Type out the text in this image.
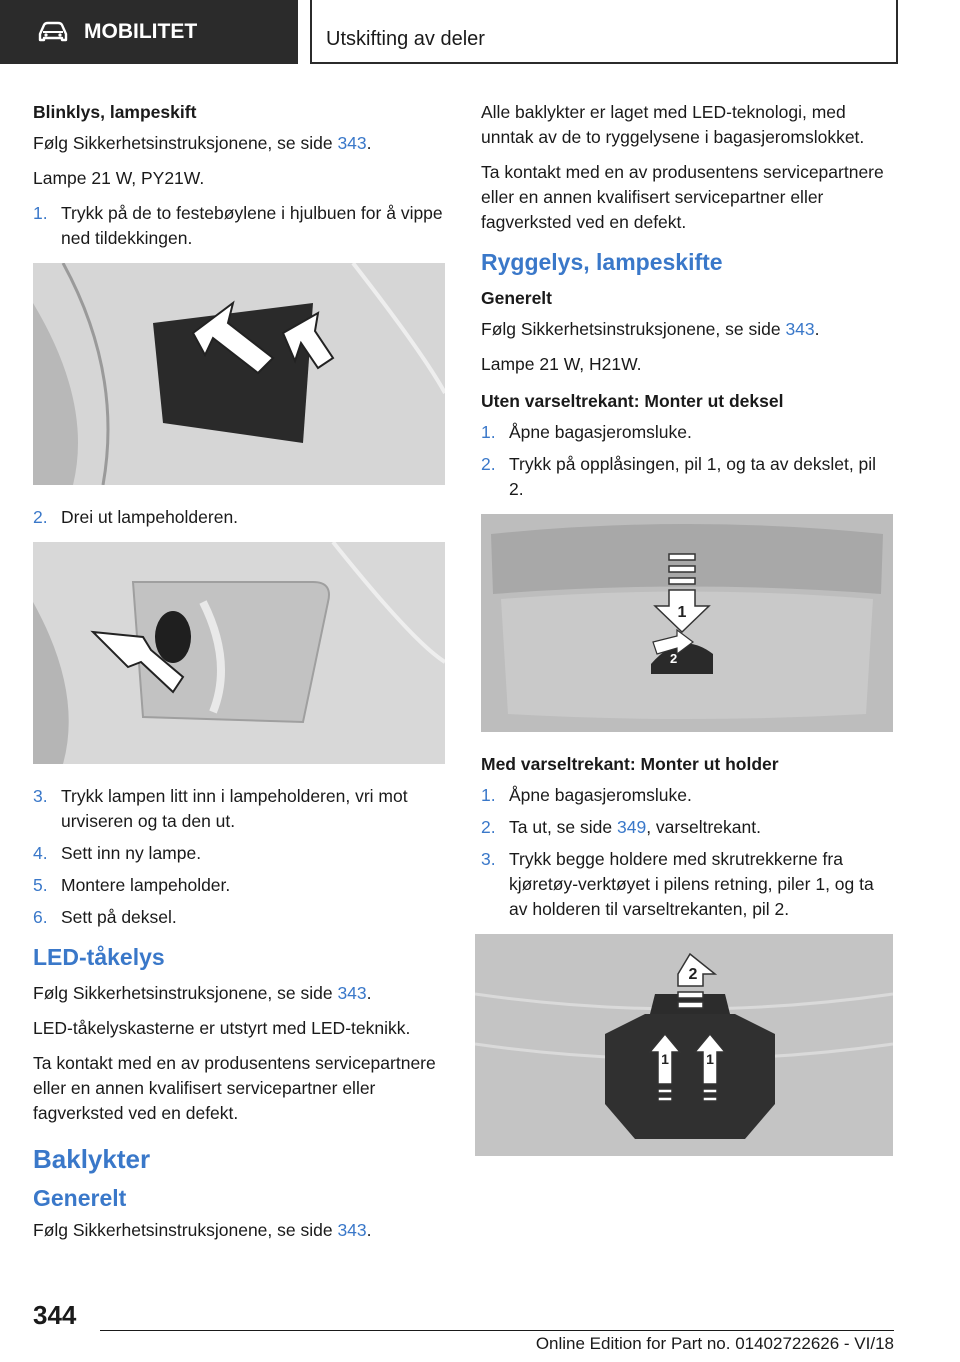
MOBILITET	Utskifting av deler

Blinklys, lampeskift

Følg Sikkerhetsinstruksjonene, se side 343.

Lampe 21 W, PY21W.

1. Trykk på de to festebøylene i hjulbuen for å vippe ned tildekkingen.
2. Drei ut lampeholderen.
3. Trykk lampen litt inn i lampeholderen, vri mot urviseren og ta den ut.
4. Sett inn ny lampe.
5. Montere lampeholder.
6. Sett på deksel.
LED-tåkelys

Følg Sikkerhetsinstruksjonene, se side 343.

LED-tåkelyskasterne er utstyrt med LED-teknikk.

Ta kontakt med en av produsentens servicepartnere eller en annen kvalifisert servicepartner eller fagverksted ved en defekt.

Baklykter
Generelt

Følg Sikkerhetsinstruksjonene, se side 343.

Alle baklykter er laget med LED-teknologi, med unntak av de to ryggelysene i bagasjeromslokket.

Ta kontakt med en av produsentens servicepartnere eller en annen kvalifisert servicepartner eller fagverksted ved en defekt.

Ryggelys, lampeskifte

Generelt

Følg Sikkerhetsinstruksjonene, se side 343.

Lampe 21 W, H21W.

Uten varseltrekant: Monter ut deksel

1. Åpne bagasjeromsluke.
2. Trykk på opplåsingen, pil 1, og ta av dekslet, pil 2.
1
2

Med varseltrekant: Monter ut holder

1. Åpne bagasjeromsluke.
2. Ta ut, se side 349, varseltrekant.
3. Trykk begge holdere med skrutrekkerne fra kjøretøy-verktøyet i pilens retning, piler 1, og ta av holderen til varseltrekanten, pil 2.
2
1	1
344
Online Edition for Part no. 01402722626 - VI/18
